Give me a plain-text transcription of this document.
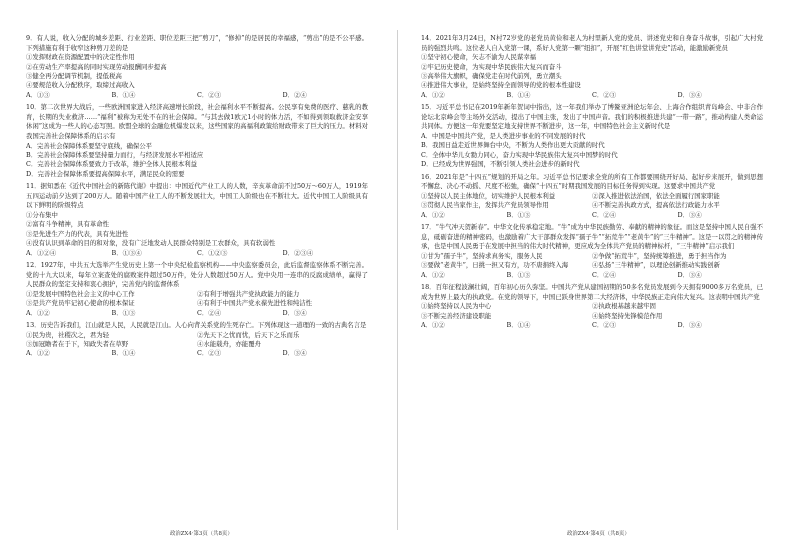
9．有人说，收入分配的城乡差距、行业差距、职位差距三把“剪刀”，“修掉”的是居民的幸福感，“剪出”的是不公平感。下列措施有利于收窄这种剪刀差的是

①发挥财政在资源配置中的决定性作用
②在劳动生产率提高的同时实现劳动报酬同步提高
③健全再分配调节机制，提低税高
④要规范收入分配秩序，取缔过高收入
A．①③	B．①④	C．②③	D．②④

10．第二次世界大战后，一些欧洲国家进入经济高速增长阶段，社会福利水平不断提高。公民享有免费的医疗、慈乳的教育，长期的失业救济……“福利”被称为无处不在的社会保障。“与其去做1欧元1小时的体力活，不如得到领取救济金安享休闲”这成为一些人的心态写照。欧盟全球的金融危机爆发以来，这些国家的高福利政策给财政带来了巨大的压力。材料对我国完善社会保障体系的启示有

A．完善社会保障体系要坚守底线，确保公平
B．完善社会保障体系要坚持量力而行，与经济发展水平相适应
C．完善社会保障体系要致力于改革，维护全体人民根本利益
D．完善社会保障体系要提高保障水平，满足民众的需要

11．据知悉在《近代中国社会的新陈代谢》中提出：中国近代产业工人的人数，辛亥革命前不过50万～60万人，1919年五四运动前夕达到了200万人。随着中国产业工人的不断发展壮大，中国工人阶级也在不断壮大。近代中国工人阶级具有以下鲜明的阶级特点

①分布集中
②富有斗争精神，具有革命性
③是先进生产力的代表，具有先进性
④没有认识到革命的目的和对象，没有广泛地发动人民群众特别是工农群众，具有软弱性
A．①②④	B．①③④	C．①②③	D．②③④

12．1927年，中共五大选举产生党历史上第一个中央纪检监察机构——中央监察委员会，此后监督监察体系不断完善。党的十九大以来，每年立案查处的腐败案件超过50万件，处分人数超过50万人。党中央用一连串的反腐成绩单，赢得了人民群众的坚定支持和衷心拥护，完善党内的监督体系

①是发展中国特色社会主义的中心工作	②有利于增强共产党执政能力的能力
③是共产党员牢记初心使命的根本保证	④有利于中国共产党永葆先进性和纯洁性
A．①②	B．①③	C．②④	D．③④

13．历史告诉我们，江山就是人民，人民就是江山。人心向背关系党的生死存亡。下列体现这一道理的一致的古典名言是

①民为贵，社稷次之，君为轻	②先天下之忧而忧，后天下之乐而乐
③加冠瞻者在于下，知政失者在草野	④水能载舟，亦能覆舟
A．①②	B．①④	C．②③	D．③④

14．2021年3月24日，N村72岁党的老党员黄俭和老人为村里新人党的党员、讲述党史和自身奋斗故事，引起广大村党员的强烈共鸣。这位老人自入党第一课，系好人党第一颗“纽扣”，开展“红色讲堂讲党史”活动，能激励新党员

①坚守初心使命，矢志不渝为人民谋幸福
②牢记历史使命，为实现中华民族伟大复兴而奋斗
③高举伟大旗帜，确保党走在时代前列，勇立潮头
④推进伟大事业，是始终坚持全面领导的党的根本性建设
A．①②	B．①④	C．②③	D．③④

15．习近平总书记在2019年新年贺词中指出，这一年我们举办了博鳌亚洲论坛年会、上海合作组织青岛峰会、中非合作论坛北京峰会等主场外交活动，提出了中国主张，发出了中国声音。我们的积极推进共建“一带一路”，推动构建人类命运共同体。方便这一年党要坚定地支持世界不断进步，这一年，中国特色社会主义新时代是

A．中国是中国共产党，是人类进步事业的不同发展的时代
B．我国日益走近世界舞台中央，不断为人类作出更大贡献的时代
C．全体中华儿女勠力同心，奋力实现中华民族伟大复兴中国梦的时代
D．已经成为世界强国，不断引领人类社会进步的新时代

16．2021年是“十四五”规划的开局之年。习近平总书记要求全党的所有工作都要围绕开好局、起好步来展开，做到思想不懈怠、决心不动摇、尺度不松弛，确保“十四五”时期我国发展的目标任务得到实现。这要求中国共产党

①坚持以人民主体地位，切实维护人民根本利益	②深入推进依法治国，依法全面履行国家职能
③贯彻人民当家作主，发挥共产党员领导作用	④不断完善执政方式，提高依法行政能力水平
A．①②	B．①③	C．②④	D．③④

17．“牛气冲天贺新春”。中华文化传承稳定地。“牛”成为中华民族勤劳、奉献的精神的象征。而这是坚持中国人民自强不息，砥砺奋进的精神密码，也激励着广大干部群众发挥“孺子牛”“拓荒牛”“老黄牛”的“三牛精神”。这是一以贯之的精神传承，也是中国人民勇于在发展中担当的伟大时代精神，更应成为全体共产党员的精神标杆，“三牛精神”启示我们

①甘为“孺子牛”，坚持求真务实，服务人民	②争做“拓荒牛”，坚持统筹推进，勇于担当作为
③要做“老黄牛”，日挑一担又有方，功不唐捐终入海	④弘扬“三牛精神”，以理论创新推动实践创新
A．①②	B．①③	C．②④	D．③④

18．百年征程波澜壮阔，百年初心历久弥坚。中国共产党从建国初期的50多名党员发展到今天拥有9000多万名党员，已成为世界上最大的执政党。在党的领导下，中国已跃身世界第二大经济体，中华民族正走向伟大复兴。这表明中国共产党

①始终坚持以人民为中心	②执政根基越来越牢固
③不断完善经济建设职能	④始终坚持先锋模范作用
A．①②	B．①④	C．②③	D．③④
政治ZX4·第3页（共8页）	政治ZX4·第4页（共8页）
